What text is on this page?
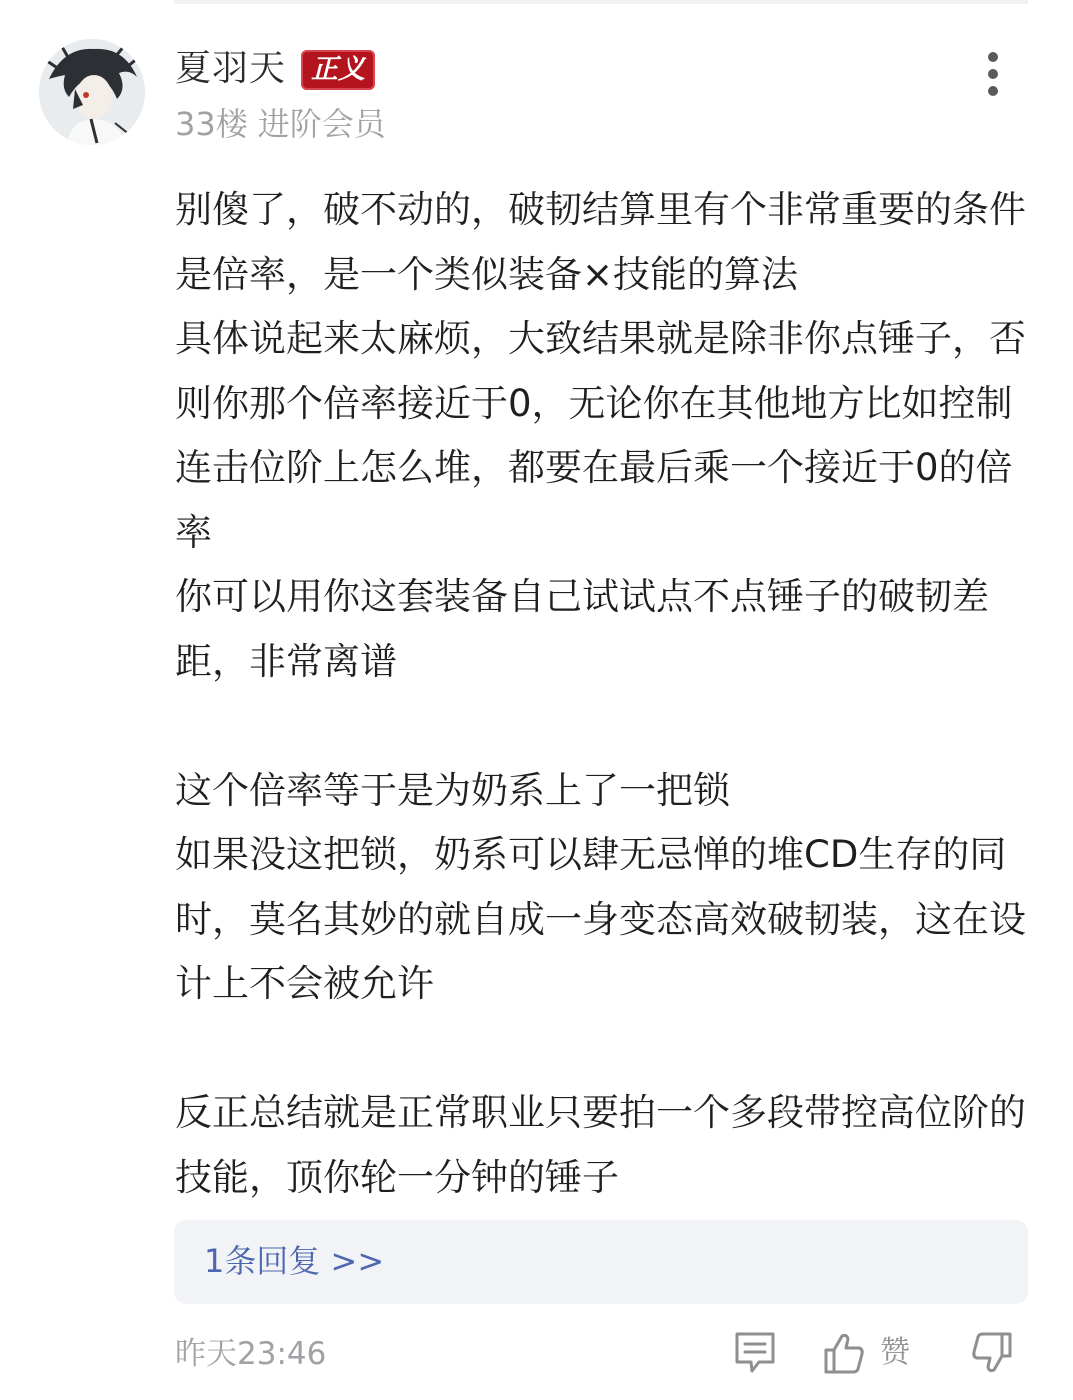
夏羽天 正义
33楼 进阶会员

别傻了，破不动的，破韧结算里有个非常重要的条件是倍率，是一个类似装备×技能的算法

具体说起来太麻烦，大致结果就是除非你点锤子，否则你那个倍率接近于0，无论你在其他地方比如控制连击位阶上怎么堆，都要在最后乘一个接近于0的倍率

你可以用你这套装备自己试试点不点锤子的破韧差距，非常离谱

这个倍率等于是为奶系上了一把锁

如果没这把锁，奶系可以肆无忌惮的堆CD生存的同时，莫名其妙的就自成一身变态高效破韧装，这在设计上不会被允许

反正总结就是正常职业只要拍一个多段带控高位阶的技能，顶你轮一分钟的锤子

1条回复 >>
昨天23:46	赞
